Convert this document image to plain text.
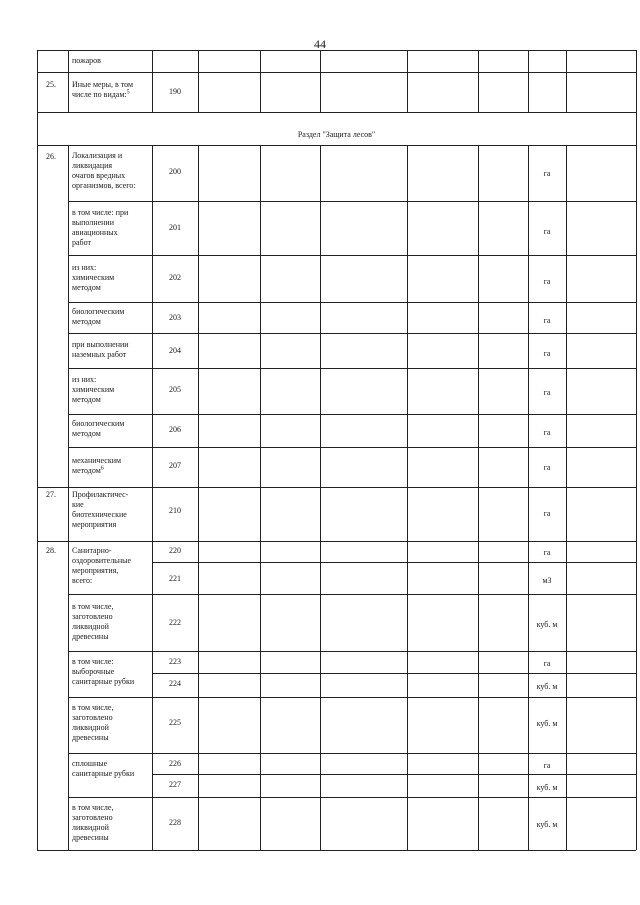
44
Раздел "Защита лесов"
пожаров
25. Иные меры, в том
числе по видам:$^5$	190
26. Локализация и
ликвидация
очагов вредных
организмов, всего:
200	га
в том числе: при
выполнении
авиационных
работ
201	га
из них:
химическим
методом
202	га
биологическим
методом	203	га
при выполнении
наземных работ	204	га
из них:
химическим
методом
205	га
биологическим
методом	206	га
механическим
методом$^6$	207	га
27. Профилактичес-
кие
биотехнические
мероприятия
210	га
28. Санитарно-
оздоровительные
мероприятия,
всего:
220	га
221	м3
в том числе,
заготовлено
ликвидной
древесины
222	куб. м
в том числе:
выборочные
санитарные рубки
223	га
224	куб. м
в том числе,
заготовлено
ликвидной
древесины
225	куб. м
сплошные
санитарные рубки
226	га
227	куб. м
в том числе,
заготовлено
ликвидной
древесины
228	куб. м
